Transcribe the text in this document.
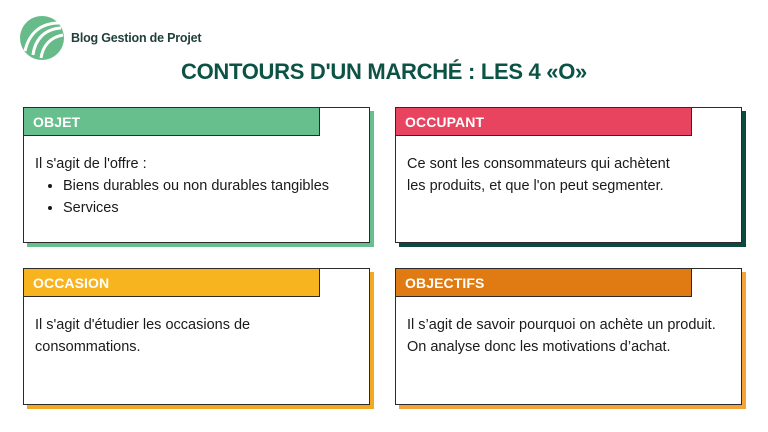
Blog Gestion de Projet
CONTOURS D'UN MARCHÉ : LES 4 «O»
OBJET
Il s'agit de l'offre :
• Biens durables ou non durables tangibles
• Services
OCCUPANT
Ce sont les consommateurs qui achètent les produits, et que l'on peut segmenter.
OCCASION
Il s'agit d'étudier les occasions de consommations.
OBJECTIFS
Il s’agit de savoir pourquoi on achète un produit. On analyse donc les motivations d’achat.
